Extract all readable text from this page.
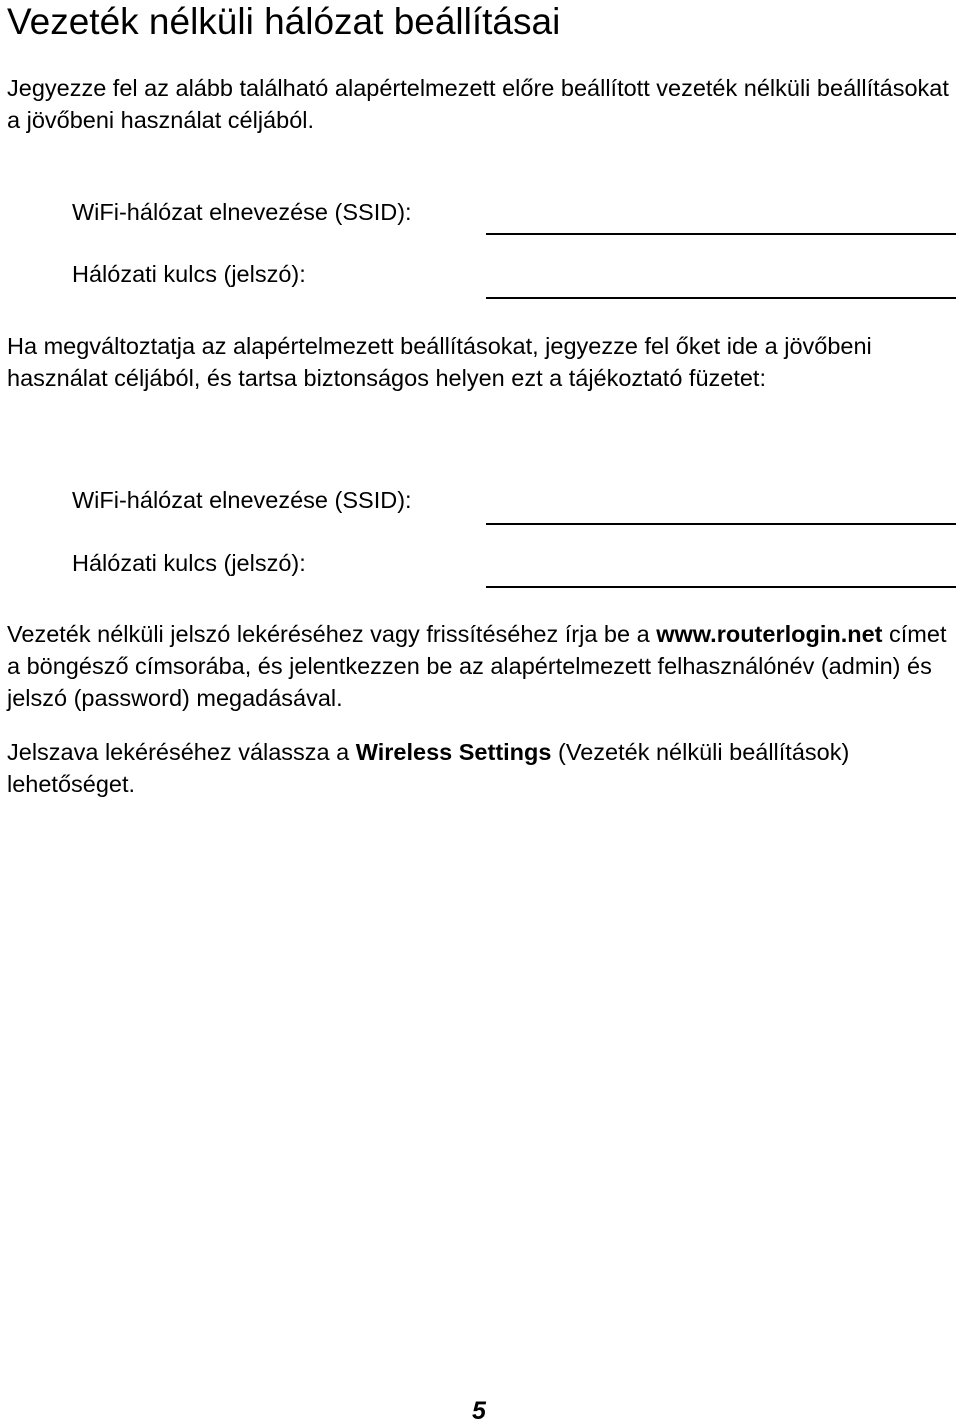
Vezeték nélküli hálózat beállításai

Jegyezze fel az alább található alapértelmezett előre beállított vezeték nélküli beállításokat a jövőbeni használat céljából.

WiFi-hálózat elnevezése (SSID):
Hálózati kulcs (jelszó):

Ha megváltoztatja az alapértelmezett beállításokat, jegyezze fel őket ide a jövőbeni használat céljából, és tartsa biztonságos helyen ezt a tájékoztató füzetet:

WiFi-hálózat elnevezése (SSID):
Hálózati kulcs (jelszó):

Vezeték nélküli jelszó lekéréséhez vagy frissítéséhez írja be a www.routerlogin.net címet a böngésző címsorába, és jelentkezzen be az alapértelmezett felhasználónév (admin) és jelszó (password) megadásával.

Jelszava lekéréséhez válassza a Wireless Settings (Vezeték nélküli beállítások) lehetőséget.

5
